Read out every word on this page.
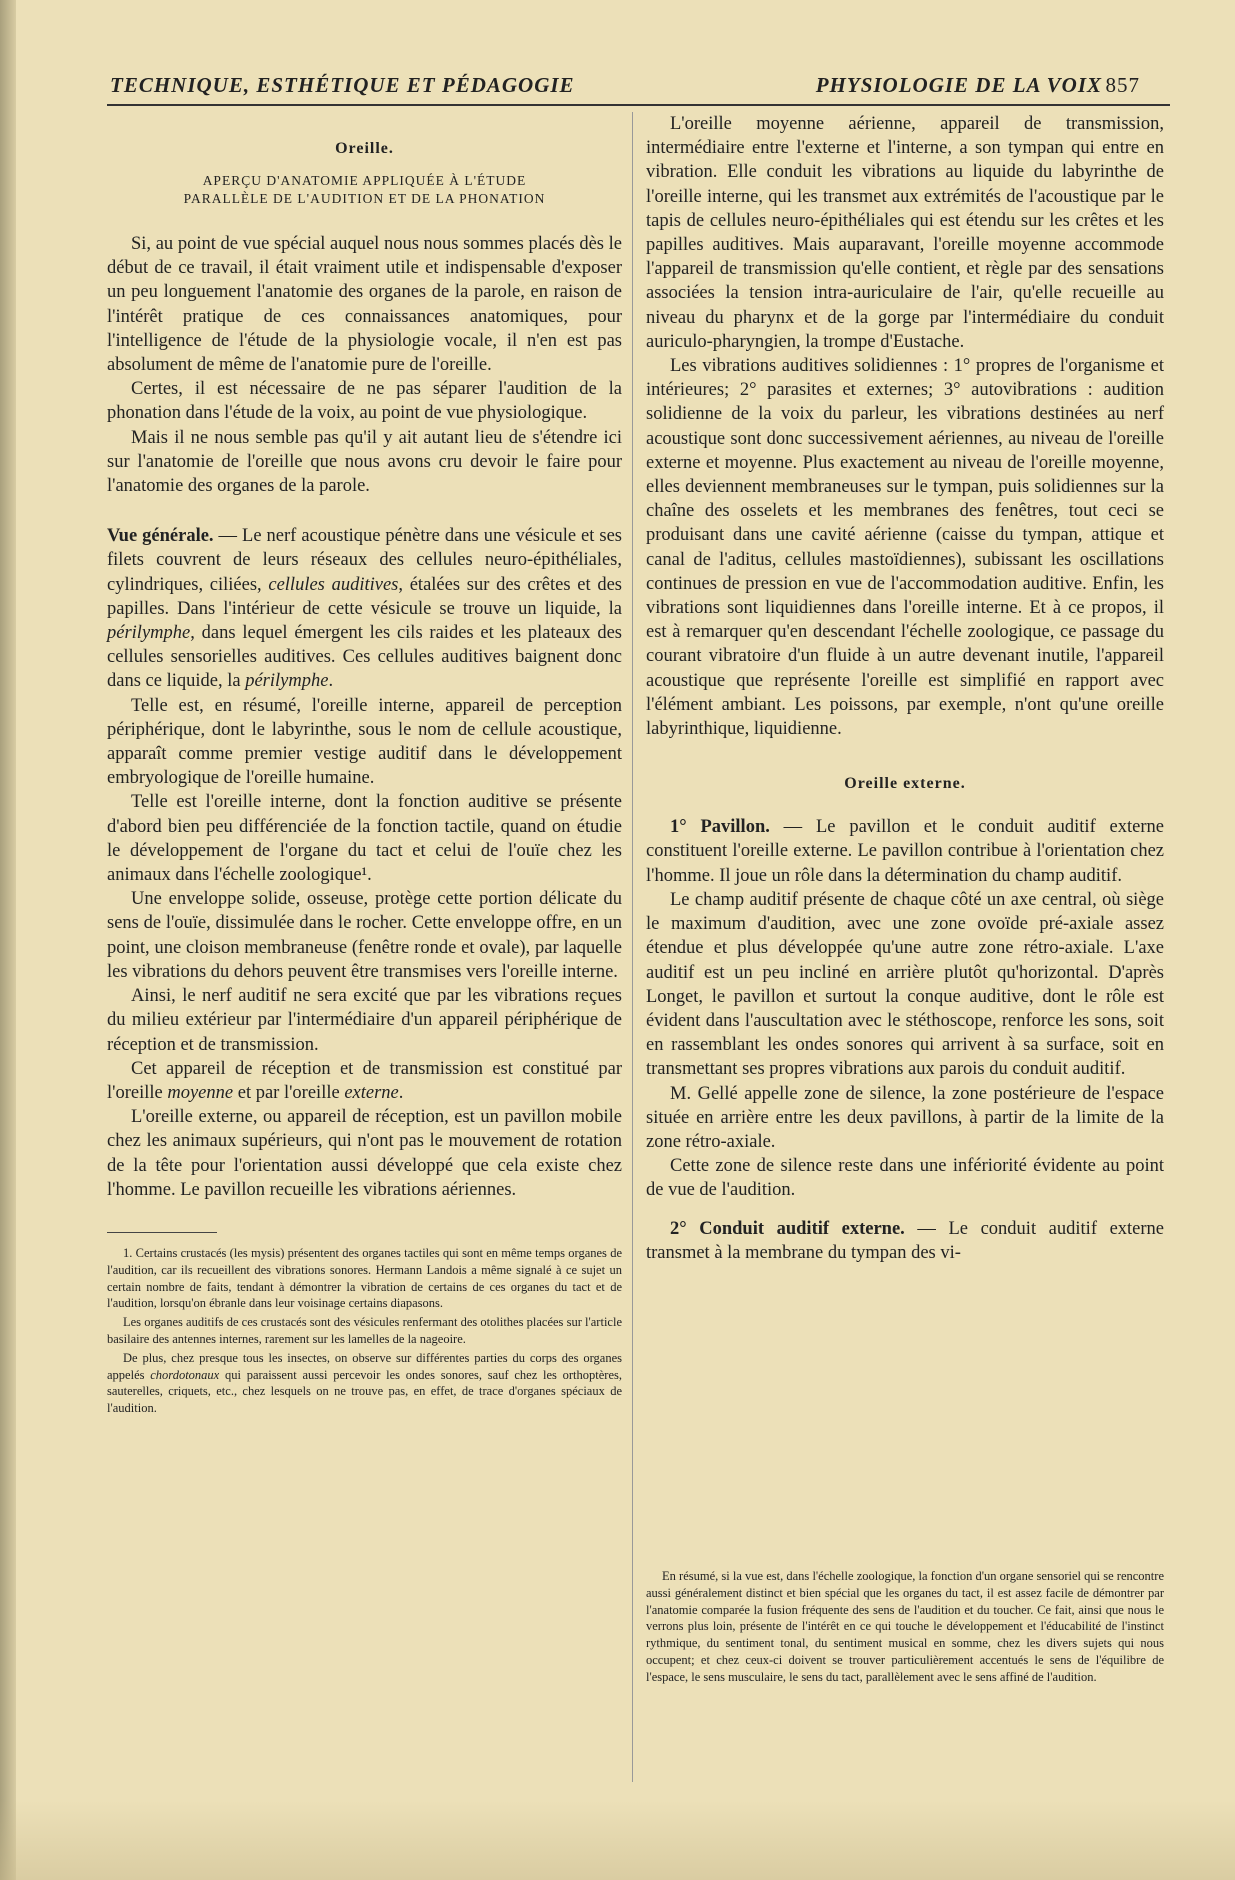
TECHNIQUE, ESTHÉTIQUE ET PÉDAGOGIE	PHYSIOLOGIE DE LA VOIX 857
Oreille.
APERÇU D'ANATOMIE APPLIQUÉE À L'ÉTUDE
PARALLÈLE DE L'AUDITION ET DE LA PHONATION

Si, au point de vue spécial auquel nous nous sommes placés dès le début de ce travail, il était vraiment utile et indispensable d'exposer un peu longuement l'anatomie des organes de la parole, en raison de l'intérêt pratique de ces connaissances anatomiques, pour l'intelligence de l'étude de la physiologie vocale, il n'en est pas absolument de même de l'anatomie pure de l'oreille.

Certes, il est nécessaire de ne pas séparer l'audition de la phonation dans l'étude de la voix, au point de vue physiologique.

Mais il ne nous semble pas qu'il y ait autant lieu de s'étendre ici sur l'anatomie de l'oreille que nous avons cru devoir le faire pour l'anatomie des organes de la parole.

Vue générale. — Le nerf acoustique pénètre dans une vésicule et ses filets couvrent de leurs réseaux des cellules neuro-épithéliales, cylindriques, ciliées, cellules auditives, étalées sur des crêtes et des papilles. Dans l'intérieur de cette vésicule se trouve un liquide, la périlymphe, dans lequel émergent les cils raides et les plateaux des cellules sensorielles auditives. Ces cellules auditives baignent donc dans ce liquide, la périlymphe.

Telle est, en résumé, l'oreille interne, appareil de perception périphérique, dont le labyrinthe, sous le nom de cellule acoustique, apparaît comme premier vestige auditif dans le développement embryologique de l'oreille humaine.

Telle est l'oreille interne, dont la fonction auditive se présente d'abord bien peu différenciée de la fonction tactile, quand on étudie le développement de l'organe du tact et celui de l'ouïe chez les animaux dans l'échelle zoologique¹.

Une enveloppe solide, osseuse, protège cette portion délicate du sens de l'ouïe, dissimulée dans le rocher. Cette enveloppe offre, en un point, une cloison membraneuse (fenêtre ronde et ovale), par laquelle les vibrations du dehors peuvent être transmises vers l'oreille interne.

Ainsi, le nerf auditif ne sera excité que par les vibrations reçues du milieu extérieur par l'intermédiaire d'un appareil périphérique de réception et de transmission.

Cet appareil de réception et de transmission est constitué par l'oreille moyenne et par l'oreille externe.

L'oreille externe, ou appareil de réception, est un pavillon mobile chez les animaux supérieurs, qui n'ont pas le mouvement de rotation de la tête pour l'orientation aussi développé que cela existe chez l'homme. Le pavillon recueille les vibrations aériennes.

1. Certains crustacés (les mysis) présentent des organes tactiles qui sont en même temps organes de l'audition, car ils recueillent des vibrations sonores. Hermann Landois a même signalé à ce sujet un certain nombre de faits, tendant à démontrer la vibration de certains de ces organes du tact et de l'audition, lorsqu'on ébranle dans leur voisinage certains diapasons.

Les organes auditifs de ces crustacés sont des vésicules renfermant des otolithes placées sur l'article basilaire des antennes internes, rarement sur les lamelles de la nageoire.

De plus, chez presque tous les insectes, on observe sur différentes parties du corps des organes appelés chordotonaux qui paraissent aussi percevoir les ondes sonores, sauf chez les orthoptères, sauterelles, criquets, etc., chez lesquels on ne trouve pas, en effet, de trace d'organes spéciaux de l'audition.

L'oreille moyenne aérienne, appareil de transmission, intermédiaire entre l'externe et l'interne, a son tympan qui entre en vibration. Elle conduit les vibrations au liquide du labyrinthe de l'oreille interne, qui les transmet aux extrémités de l'acoustique par le tapis de cellules neuro-épithéliales qui est étendu sur les crêtes et les papilles auditives. Mais auparavant, l'oreille moyenne accommode l'appareil de transmission qu'elle contient, et règle par des sensations associées la tension intra-auriculaire de l'air, qu'elle recueille au niveau du pharynx et de la gorge par l'intermédiaire du conduit auriculo-pharyngien, la trompe d'Eustache.

Les vibrations auditives solidiennes : 1° propres de l'organisme et intérieures; 2° parasites et externes; 3° autovibrations : audition solidienne de la voix du parleur, les vibrations destinées au nerf acoustique sont donc successivement aériennes, au niveau de l'oreille externe et moyenne. Plus exactement au niveau de l'oreille moyenne, elles deviennent membraneuses sur le tympan, puis solidiennes sur la chaîne des osselets et les membranes des fenêtres, tout ceci se produisant dans une cavité aérienne (caisse du tympan, attique et canal de l'aditus, cellules mastoïdiennes), subissant les oscillations continues de pression en vue de l'accommodation auditive. Enfin, les vibrations sont liquidiennes dans l'oreille interne. Et à ce propos, il est à remarquer qu'en descendant l'échelle zoologique, ce passage du courant vibratoire d'un fluide à un autre devenant inutile, l'appareil acoustique que représente l'oreille est simplifié en rapport avec l'élément ambiant. Les poissons, par exemple, n'ont qu'une oreille labyrinthique, liquidienne.

Oreille externe.

1° Pavillon. — Le pavillon et le conduit auditif externe constituent l'oreille externe. Le pavillon contribue à l'orientation chez l'homme. Il joue un rôle dans la détermination du champ auditif.

Le champ auditif présente de chaque côté un axe central, où siège le maximum d'audition, avec une zone ovoïde pré-axiale assez étendue et plus développée qu'une autre zone rétro-axiale. L'axe auditif est un peu incliné en arrière plutôt qu'horizontal. D'après Longet, le pavillon et surtout la conque auditive, dont le rôle est évident dans l'auscultation avec le stéthoscope, renforce les sons, soit en rassemblant les ondes sonores qui arrivent à sa surface, soit en transmettant ses propres vibrations aux parois du conduit auditif.

M. Gellé appelle zone de silence, la zone postérieure de l'espace située en arrière entre les deux pavillons, à partir de la limite de la zone rétro-axiale.

Cette zone de silence reste dans une infériorité évidente au point de vue de l'audition.

2° Conduit auditif externe. — Le conduit auditif externe transmet à la membrane du tympan des vi-

En résumé, si la vue est, dans l'échelle zoologique, la fonction d'un organe sensoriel qui se rencontre aussi généralement distinct et bien spécial que les organes du tact, il est assez facile de démontrer par l'anatomie comparée la fusion fréquente des sens de l'audition et du toucher. Ce fait, ainsi que nous le verrons plus loin, présente de l'intérêt en ce qui touche le développement et l'éducabilité de l'instinct rythmique, du sentiment tonal, du sentiment musical en somme, chez les divers sujets qui nous occupent; et chez ceux-ci doivent se trouver particulièrement accentués le sens de l'équilibre de l'espace, le sens musculaire, le sens du tact, parallèlement avec le sens affiné de l'audition.
